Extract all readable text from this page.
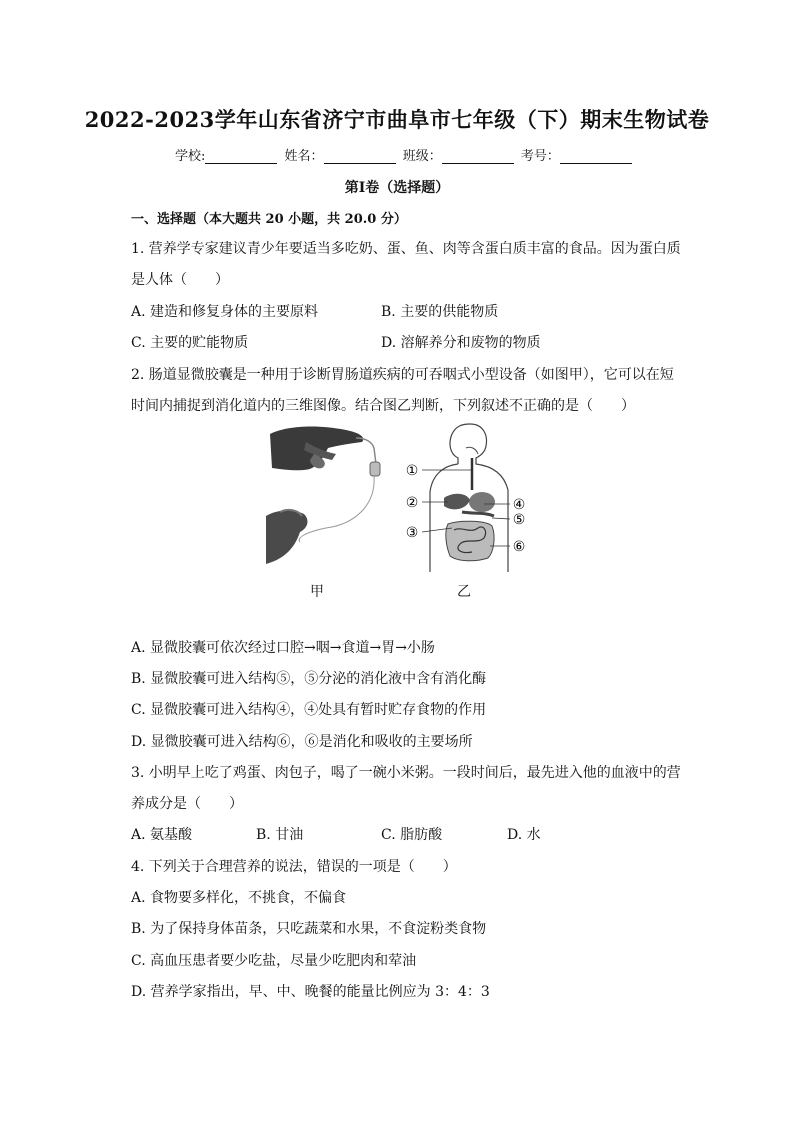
2022-2023学年山东省济宁市曲阜市七年级（下）期末生物试卷
学校:	姓名：	班级：	考号：
第I卷（选择题）
一、选择题（本大题共 20 小题，共 20.0 分）
1. 营养学专家建议青少年要适当多吃奶、蛋、鱼、肉等含蛋白质丰富的食品。因为蛋白质
是人体（　　）
A. 建造和修复身体的主要原料	B. 主要的供能物质
C. 主要的贮能物质	D. 溶解养分和废物的物质
2. 肠道显微胶囊是一种用于诊断胃肠道疾病的可吞咽式小型设备（如图甲），它可以在短
时间内捕捉到消化道内的三维图像。结合图乙判断，下列叙述不正确的是（　　）
①
②
③
④
⑤
⑥
甲	乙
A. 显微胶囊可依次经过口腔→咽→食道→胃→小肠
B. 显微胶囊可进入结构⑤，⑤分泌的消化液中含有消化酶
C. 显微胶囊可进入结构④，④处具有暂时贮存食物的作用
D. 显微胶囊可进入结构⑥，⑥是消化和吸收的主要场所
3. 小明早上吃了鸡蛋、肉包子，喝了一碗小米粥。一段时间后，最先进入他的血液中的营
养成分是（　　）
A. 氨基酸	B. 甘油	C. 脂肪酸	D. 水
4. 下列关于合理营养的说法，错误的一项是（　　）
A. 食物要多样化，不挑食，不偏食
B. 为了保持身体苗条，只吃蔬菜和水果，不食淀粉类食物
C. 高血压患者要少吃盐，尽量少吃肥肉和荤油
D. 营养学家指出，早、中、晚餐的能量比例应为 3：4：3
